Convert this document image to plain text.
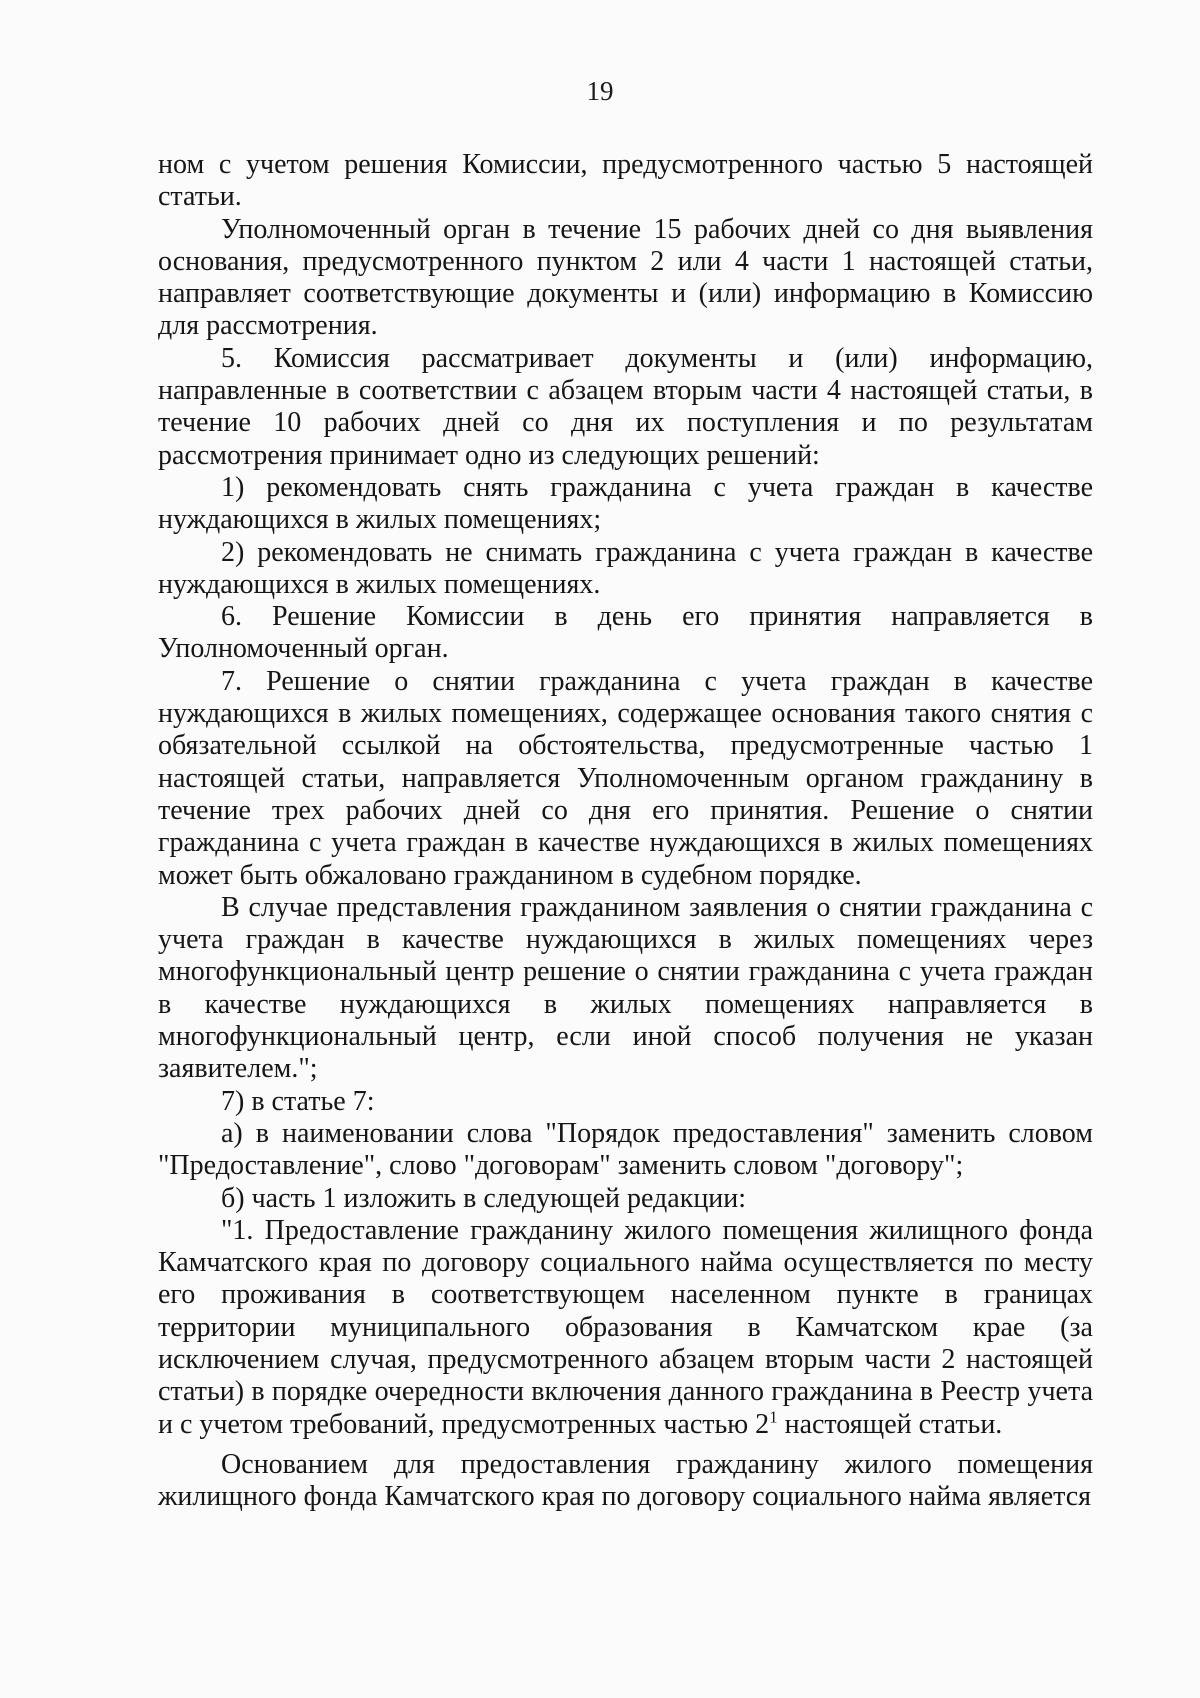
19

ном с учетом решения Комиссии, предусмотренного частью 5 настоящей статьи.

Уполномоченный орган в течение 15 рабочих дней со дня выявления основания, предусмотренного пунктом 2 или 4 части 1 настоящей статьи, направляет соответствующие документы и (или) информацию в Комиссию для рассмотрения.

5. Комиссия рассматривает документы и (или) информацию, направленные в соответствии с абзацем вторым части 4 настоящей статьи, в течение 10 рабочих дней со дня их поступления и по результатам рассмотрения принимает одно из следующих решений:

1) рекомендовать снять гражданина с учета граждан в качестве нуждающихся в жилых помещениях;

2) рекомендовать не снимать гражданина с учета граждан в качестве нуждающихся в жилых помещениях.

6. Решение Комиссии в день его принятия направляется в Уполномоченный орган.

7. Решение о снятии гражданина с учета граждан в качестве нуждающихся в жилых помещениях, содержащее основания такого снятия с обязательной ссылкой на обстоятельства, предусмотренные частью 1 настоящей статьи, направляется Уполномоченным органом гражданину в течение трех рабочих дней со дня его принятия. Решение о снятии гражданина с учета граждан в качестве нуждающихся в жилых помещениях может быть обжаловано гражданином в судебном порядке.

В случае представления гражданином заявления о снятии гражданина с учета граждан в качестве нуждающихся в жилых помещениях через многофункциональный центр решение о снятии гражданина с учета граждан в качестве нуждающихся в жилых помещениях направляется в многофункциональный центр, если иной способ получения не указан заявителем.";

7) в статье 7:

а) в наименовании слова "Порядок предоставления" заменить словом "Предоставление", слово "договорам" заменить словом "договору";

б) часть 1 изложить в следующей редакции:

"1. Предоставление гражданину жилого помещения жилищного фонда Камчатского края по договору социального найма осуществляется по месту его проживания в соответствующем населенном пункте в границах территории муниципального образования в Камчатском крае (за исключением случая, предусмотренного абзацем вторым части 2 настоящей статьи) в порядке очередности включения данного гражданина в Реестр учета и с учетом требований, предусмотренных частью $2^1$ настоящей статьи.

Основанием для предоставления гражданину жилого помещения жилищного фонда Камчатского края по договору социального найма является
